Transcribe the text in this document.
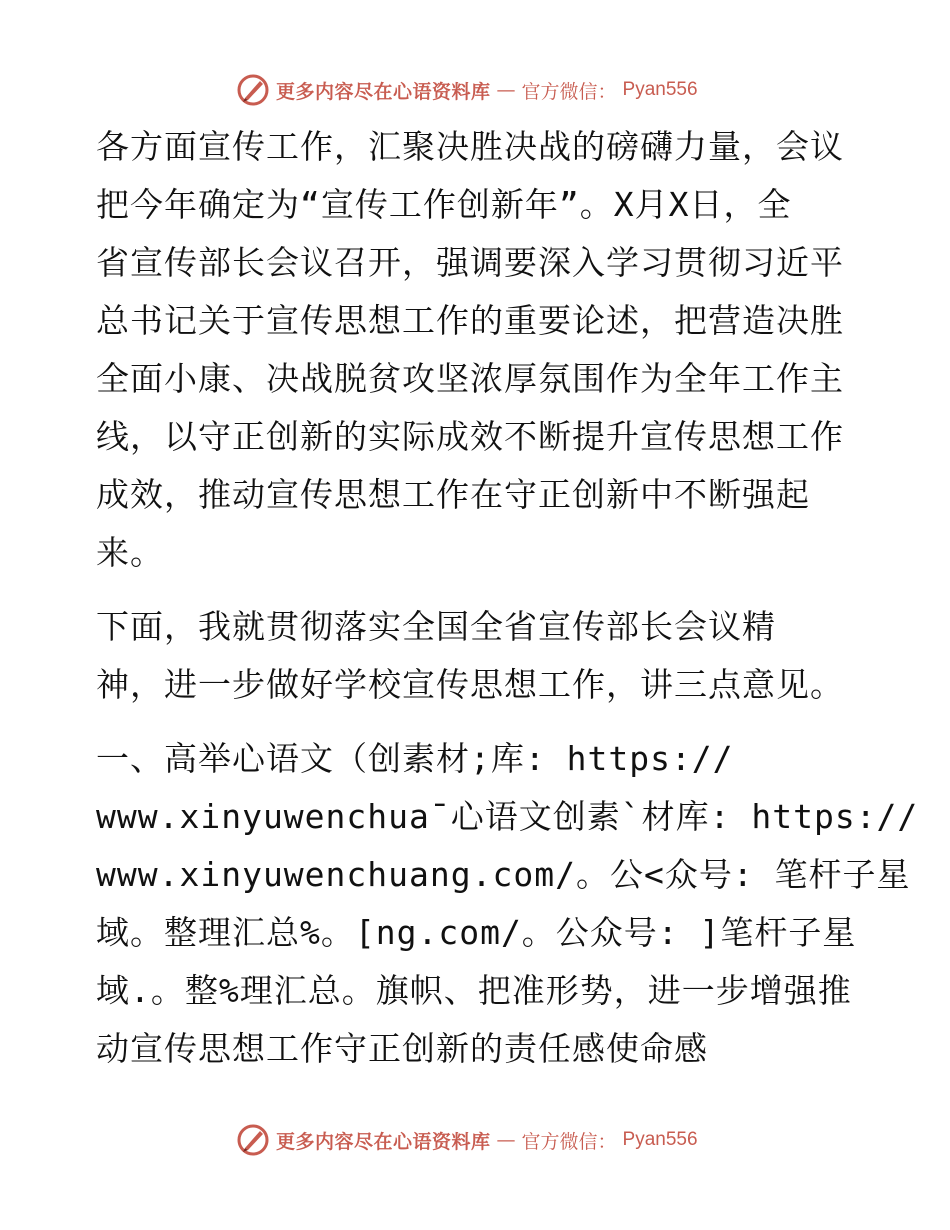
更多内容尽在心语资料库 — 官方微信： Pyan556
各方面宣传工作，汇聚决胜决战的磅礴力量，会议
把今年确定为“宣传工作创新年”。X月X日，全
省宣传部长会议召开，强调要深入学习贯彻习近平
总书记关于宣传思想工作的重要论述，把营造决胜
全面小康、决战脱贫攻坚浓厚氛围作为全年工作主
线，以守正创新的实际成效不断提升宣传思想工作
成效，推动宣传思想工作在守正创新中不断强起
来。
下面，我就贯彻落实全国全省宣传部长会议精
神，进一步做好学校宣传思想工作，讲三点意见。
一、高举心语文（创素材;库: https://
www.xinyuwenchua¯心语文创素`材库: https://
www.xinyuwenchuang.com/。公<众号: 笔杆子星
域。整理汇总%。[ng.com/。公众号: ]笔杆子星
域.。整%理汇总。旗帜、把准形势，进一步增强推
动宣传思想工作守正创新的责任感使命感
更多内容尽在心语资料库 — 官方微信： Pyan556
